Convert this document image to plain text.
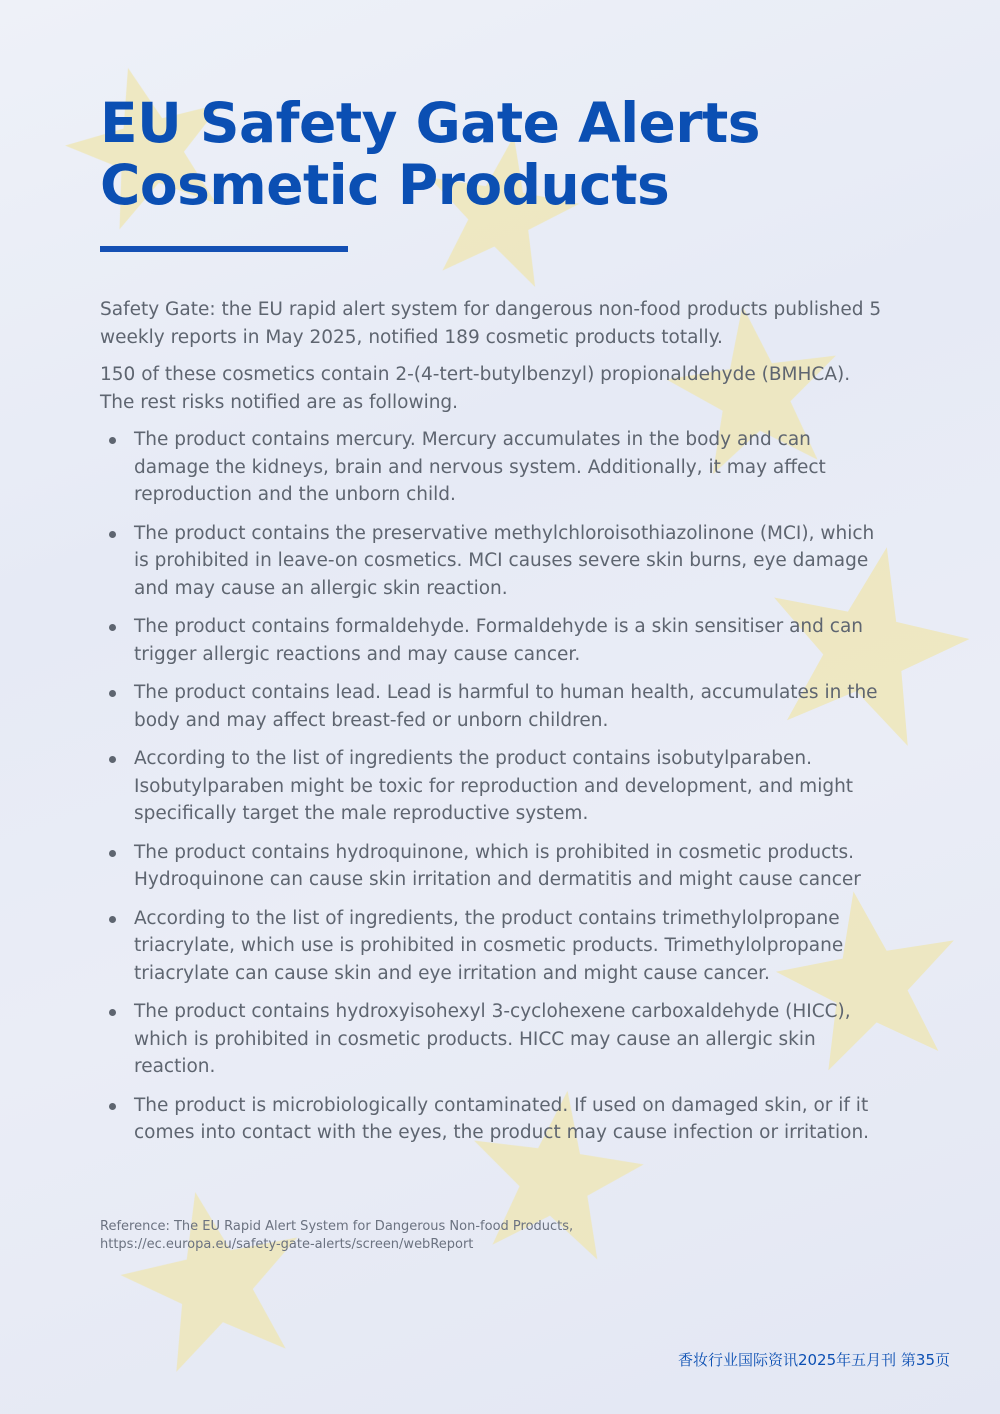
EU Safety Gate Alerts
Cosmetic Products

Safety Gate: the EU rapid alert system for dangerous non-food products published 5 weekly reports in May 2025, notified 189 cosmetic products totally.

150 of these cosmetics contain 2-(4-tert-butylbenzyl) propionaldehyde (BMHCA). The rest risks notified are as following.

The product contains mercury. Mercury accumulates in the body and can damage the kidneys, brain and nervous system. Additionally, it may affect reproduction and the unborn child.
The product contains the preservative methylchloroisothiazolinone (MCI), which is prohibited in leave-on cosmetics. MCI causes severe skin burns, eye damage and may cause an allergic skin reaction.
The product contains formaldehyde. Formaldehyde is a skin sensitiser and can trigger allergic reactions and may cause cancer.
The product contains lead. Lead is harmful to human health, accumulates in the body and may affect breast-fed or unborn children.
According to the list of ingredients the product contains isobutylparaben. Isobutylparaben might be toxic for reproduction and development, and might specifically target the male reproductive system.
The product contains hydroquinone, which is prohibited in cosmetic products. Hydroquinone can cause skin irritation and dermatitis and might cause cancer
According to the list of ingredients, the product contains trimethylolpropane triacrylate, which use is prohibited in cosmetic products. Trimethylolpropane triacrylate can cause skin and eye irritation and might cause cancer.
The product contains hydroxyisohexyl 3-cyclohexene carboxaldehyde (HICC), which is prohibited in cosmetic products. HICC may cause an allergic skin reaction.
The product is microbiologically contaminated. If used on damaged skin, or if it comes into contact with the eyes, the product may cause infection or irritation.
Reference: The EU Rapid Alert System for Dangerous Non-food Products,
https://ec.europa.eu/safety-gate-alerts/screen/webReport
香妆行业国际资讯2025年五月刊 第35页
